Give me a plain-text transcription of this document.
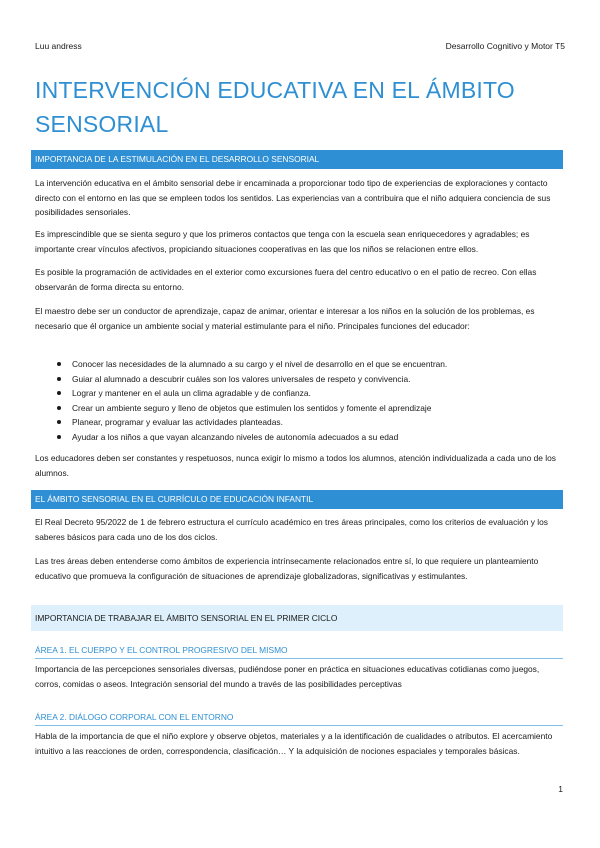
Luu andress	Desarrollo Cognitivo y Motor T5
INTERVENCIÓN EDUCATIVA EN EL ÁMBITO SENSORIAL
IMPORTANCIA DE LA ESTIMULACIÓN EN EL DESARROLLO SENSORIAL
La intervención educativa en el ámbito sensorial debe ir encaminada a proporcionar todo tipo de experiencias de exploraciones y contacto directo con el entorno en las que se empleen todos los sentidos. Las experiencias van a contribuira que el niño adquiera conciencia de sus posibilidades sensoriales.
Es imprescindible que se sienta seguro y que los primeros contactos que tenga con la escuela sean enriquecedores y agradables; es importante crear vínculos afectivos, propiciando situaciones cooperativas en las que los niños se relacionen entre ellos.
Es posible la programación de actividades en el exterior como excursiones fuera del centro educativo o en el patio de recreo. Con ellas observarán de forma directa su entorno.
El maestro debe ser un conductor de aprendizaje, capaz de animar, orientar e interesar a los niños en la solución de los problemas, es necesario que él organice un ambiente social y material estimulante para el niño. Principales funciones del educador:
Conocer las necesidades de la alumnado a su cargo y el nivel de desarrollo en el que se encuentran.
Guiar al alumnado a descubrir cuáles son los valores universales de respeto y convivencia.
Lograr y mantener en el aula un clima agradable y de confianza.
Crear un ambiente seguro y lleno de objetos que estimulen los sentidos y fomente el aprendizaje
Planear, programar y evaluar las actividades planteadas.
Ayudar a los niños a que vayan alcanzando niveles de autonomía adecuados a su edad
Los educadores deben ser constantes y respetuosos, nunca exigir lo mismo a todos los alumnos, atención individualizada a cada uno de los alumnos.
EL ÁMBITO SENSORIAL EN EL CURRÍCULO DE EDUCACIÓN INFANTIL
El Real Decreto 95/2022 de 1 de febrero estructura el currículo académico en tres áreas principales, como los criterios de evaluación y los saberes básicos para cada uno de los dos ciclos.
Las tres áreas deben entenderse como ámbitos de experiencia intrínsecamente relacionados entre sí, lo que requiere un planteamiento educativo que promueva la configuración de situaciones de aprendizaje globalizadoras, significativas y estimulantes.
IMPORTANCIA DE TRABAJAR EL ÁMBITO SENSORIAL EN EL PRIMER CICLO
ÁREA 1. EL CUERPO Y EL CONTROL PROGRESIVO DEL MISMO
Importancia de las percepciones sensoriales diversas, pudiéndose poner en práctica en situaciones educativas cotidianas como juegos, corros, comidas o aseos. Integración sensorial del mundo a través de las posibilidades perceptivas
ÁREA 2. DIÁLOGO CORPORAL CON EL ENTORNO
Habla de la importancia de que el niño explore y observe objetos, materiales y a la identificación de cualidades o atributos. El acercamiento intuitivo a las reacciones de orden, correspondencia, clasificación… Y la adquisición de nociones espaciales y temporales básicas.
1
